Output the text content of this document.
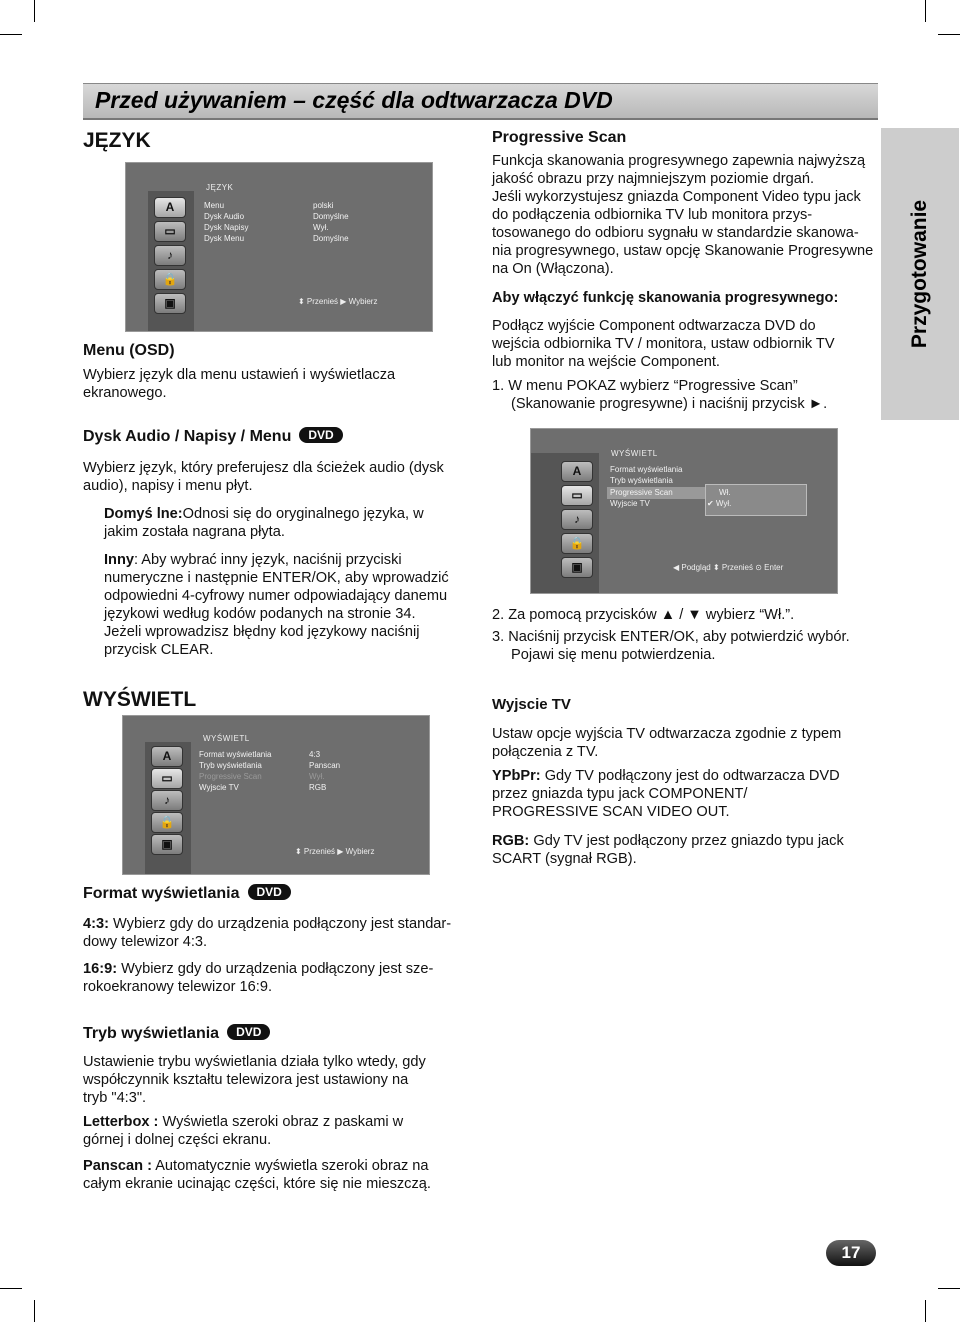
Przed używaniem – część dla odtwarzacza DVD
Przygotowanie
JĘZYK
A
▭
♪
🔒
▣
JĘZYK
Menu
Dysk Audio
Dysk Napisy
Dysk Menu
polski
Domyślne
Wył.
Domyślne
⬍ Przenieś ▶ Wybierz
Menu (OSD)
Wybierz język dla menu ustawień i wyświetlacza
ekranowego.
Dysk Audio / Napisy / Menu DVD
Wybierz język, który preferujesz dla ścieżek audio (dysk
audio), napisy i menu płyt.
Domyś lne:Odnosi się do oryginalnego języka, w
jakim została nagrana płyta.
Inny: Aby wybrać inny język, naciśnij przyciski
numeryczne i następnie ENTER/OK, aby wprowadzić
odpowiedni 4-cyfrowy numer odpowiadający danemu
językowi według kodów podanych na stronie 34.
Jeżeli wprowadzisz błędny kod językowy naciśnij
przycisk CLEAR.
WYŚWIETL
A
▭
♪
🔒
▣
WYŚWIETL
Format wyświetlania
Tryb wyświetlania
Progressive Scan
Wyjscie TV
4:3
Panscan
Wył.
RGB
⬍ Przenieś ▶ Wybierz
Format wyświetlania DVD
4:3: Wybierz gdy do urządzenia podłączony jest standar-
dowy telewizor 4:3.
16:9: Wybierz gdy do urządzenia podłączony jest sze-
rokoekranowy telewizor 16:9.
Tryb wyświetlania DVD
Ustawienie trybu wyświetlania działa tylko wtedy, gdy
współczynnik kształtu telewizora jest ustawiony na
tryb "4:3".
Letterbox : Wyświetla szeroki obraz z paskami w
górnej i dolnej części ekranu.
Panscan : Automatycznie wyświetla szeroki obraz na
całym ekranie ucinając części, które się nie mieszczą.
Progressive Scan
Funkcja skanowania progresywnego zapewnia najwyższą
jakość obrazu przy najmniejszym poziomie drgań.
Jeśli wykorzystujesz gniazda Component Video typu jack
do podłączenia odbiornika TV lub monitora przys-
tosowanego do odbioru sygnału w standardzie skanowa-
nia progresywnego, ustaw opcję Skanowanie Progresywne
na On (Włączona).
Aby włączyć funkcję skanowania progresywnego:
Podłącz wyjście Component odtwarzacza DVD do
wejścia odbiornika TV / monitora, ustaw odbiornik TV
lub monitor na wejście Component.
1. W menu POKAZ wybierz “Progressive Scan”
(Skanowanie progresywne) i naciśnij przycisk ►.
A
▭
♪
🔒
▣
WYŚWIETL
Format wyświetlania
Tryb wyświetlania
Progressive Scan
Wyjscie TV
Wł.
✔ Wył.
◀ Podgląd ⬍ Przenieś ⊙ Enter
2. Za pomocą przycisków ▲ / ▼ wybierz “Wł.”.
3. Naciśnij przycisk ENTER/OK, aby potwierdzić wybór.
Pojawi się menu potwierdzenia.
Wyjscie TV
Ustaw opcje wyjścia TV odtwarzacza zgodnie z typem
połączenia z TV.
YPbPr: Gdy TV podłączony jest do odtwarzacza DVD
przez gniazda typu jack COMPONENT/
PROGRESSIVE SCAN VIDEO OUT.
RGB: Gdy TV jest podłączony przez gniazdo typu jack
SCART (sygnał RGB).
17
